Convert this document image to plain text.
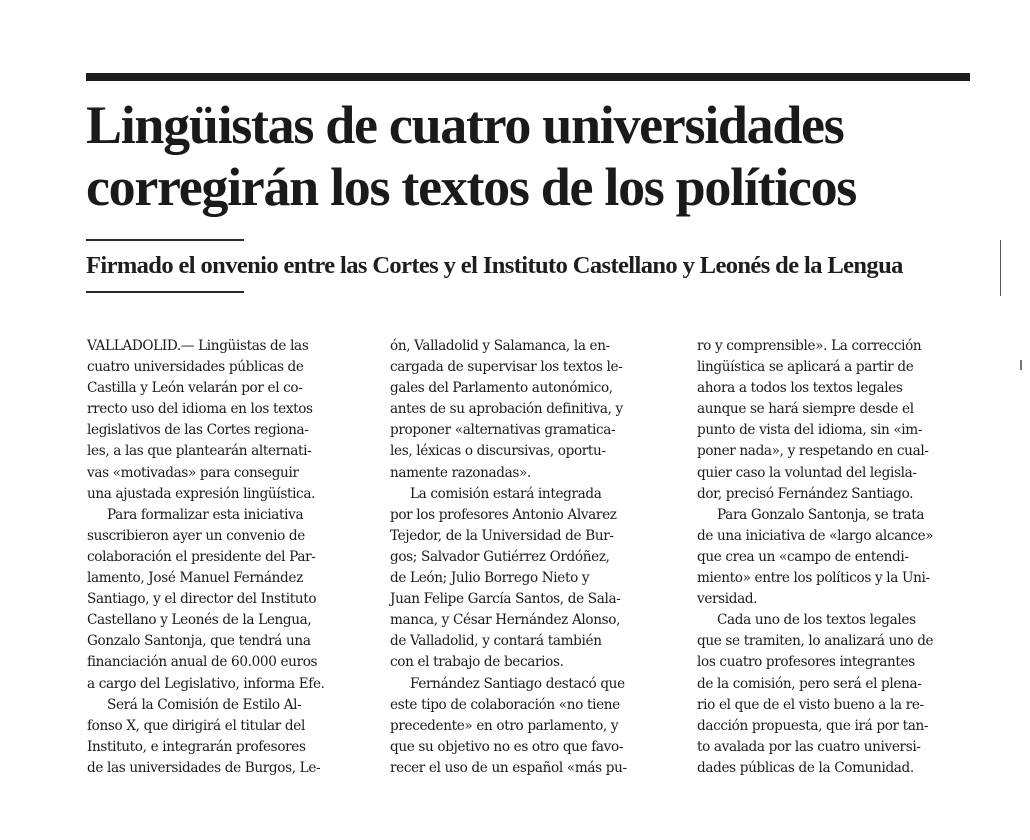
Lingüistas de cuatro universidades
corregirán los textos de los políticos
Firmado el onvenio entre las Cortes y el Instituto Castellano y Leonés de la Lengua
VALLADOLID.— Lingüistas de las
cuatro universidades públicas de
Castilla y León velarán por el co-
rrecto uso del idioma en los textos
legislativos de las Cortes regiona-
les, a las que plantearán alternati-
vas «motivadas» para conseguir
una ajustada expresión lingüística.
Para formalizar esta iniciativa
suscribieron ayer un convenio de
colaboración el presidente del Par-
lamento, José Manuel Fernández
Santiago, y el director del Instituto
Castellano y Leonés de la Lengua,
Gonzalo Santonja, que tendrá una
financiación anual de 60.000 euros
a cargo del Legislativo, informa Efe.
Será la Comisión de Estilo Al-
fonso X, que dirigirá el titular del
Instituto, e integrarán profesores
de las universidades de Burgos, Le-
ón, Valladolid y Salamanca, la en-
cargada de supervisar los textos le-
gales del Parlamento autonómico,
antes de su aprobación definitiva, y
proponer «alternativas gramatica-
les, léxicas o discursivas, oportu-
namente razonadas».
La comisión estará integrada
por los profesores Antonio Alvarez
Tejedor, de la Universidad de Bur-
gos; Salvador Gutiérrez Ordóñez,
de León; Julio Borrego Nieto y
Juan Felipe García Santos, de Sala-
manca, y César Hernández Alonso,
de Valladolid, y contará también
con el trabajo de becarios.
Fernández Santiago destacó que
este tipo de colaboración «no tiene
precedente» en otro parlamento, y
que su objetivo no es otro que favo-
recer el uso de un español «más pu-
ro y comprensible». La corrección
lingüística se aplicará a partir de
ahora a todos los textos legales
aunque se hará siempre desde el
punto de vista del idioma, sin «im-
poner nada», y respetando en cual-
quier caso la voluntad del legisla-
dor, precisó Fernández Santiago.
Para Gonzalo Santonja, se trata
de una iniciativa de «largo alcance»
que crea un «campo de entendi-
miento» entre los políticos y la Uni-
versidad.
Cada uno de los textos legales
que se tramiten, lo analizará uno de
los cuatro profesores integrantes
de la comisión, pero será el plena-
rio el que de el visto bueno a la re-
dacción propuesta, que irá por tan-
to avalada por las cuatro universi-
dades públicas de la Comunidad.
